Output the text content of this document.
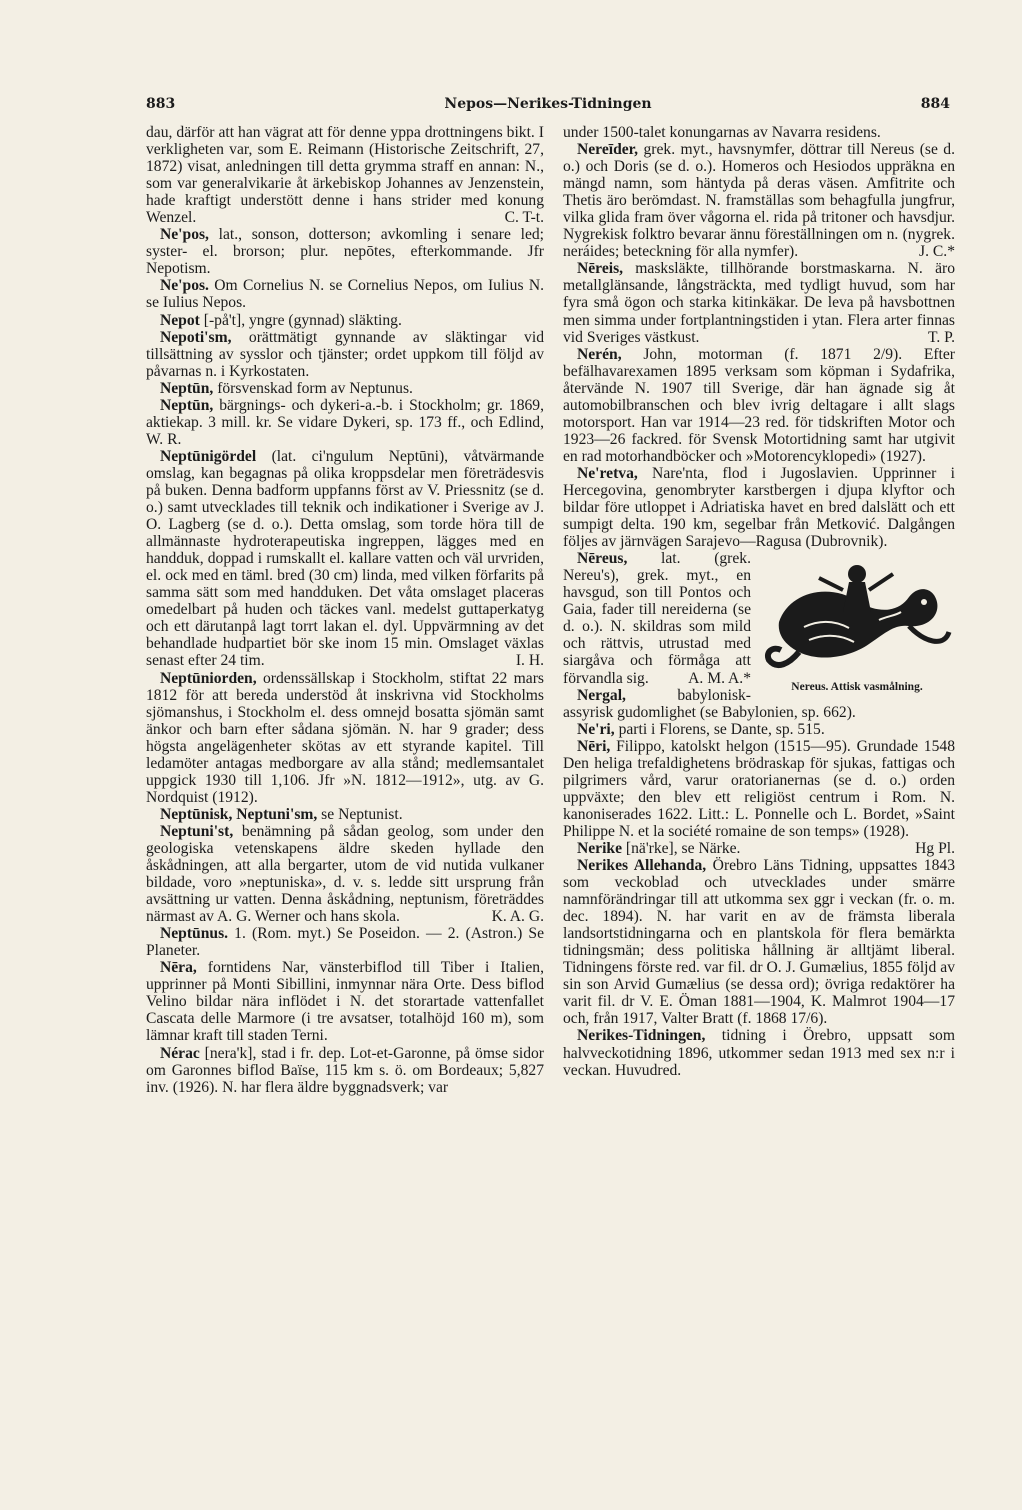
883	Nepos—Nerikes-Tidningen	884

dau, därför att han vägrat att för denne yppa drottningens bikt. I verkligheten var, som E. Reimann (Historische Zeitschrift, 27, 1872) visat, anledningen till detta grymma straff en annan: N., som var generalvikarie åt ärkebiskop Johannes av Jenzenstein, hade kraftigt understött denne i hans strider med konung Wenzel.	C. T-t.

Ne'pos, lat., sonson, dotterson; avkomling i senare led; syster- el. brorson; plur. nepōtes, efterkommande. Jfr Nepotism.

Ne'pos. Om Cornelius N. se Cornelius Nepos, om Iulius N. se Iulius Nepos.

Nepot [-på't], yngre (gynnad) släkting.

Nepoti'sm, orättmätigt gynnande av släktingar vid tillsättning av sysslor och tjänster; ordet uppkom till följd av påvarnas n. i Kyrkostaten.

Neptūn, försvenskad form av Neptunus.

Neptūn, bärgnings- och dykeri-a.-b. i Stockholm; gr. 1869, aktiekap. 3 mill. kr. Se vidare Dykeri, sp. 173 ff., och Edlind, W. R.

Neptūnigördel (lat. ci'ngulum Neptūni), våtvärmande omslag, kan begagnas på olika kroppsdelar men företrädesvis på buken. Denna badform uppfanns först av V. Priessnitz (se d. o.) samt utvecklades till teknik och indikationer i Sverige av J. O. Lagberg (se d. o.). Detta omslag, som torde höra till de allmännaste hydroterapeutiska ingreppen, lägges med en handduk, doppad i rumskallt el. kallare vatten och väl urvriden, el. ock med en täml. bred (30 cm) linda, med vilken förfarits på samma sätt som med handduken. Det våta omslaget placeras omedelbart på huden och täckes vanl. medelst guttaperkatyg och ett därutanpå lagt torrt lakan el. dyl. Uppvärmning av det behandlade hudpartiet bör ske inom 15 min. Omslaget växlas senast efter 24 tim.	I. H.

Neptūniorden, ordenssällskap i Stockholm, stiftat 22 mars 1812 för att bereda understöd åt inskrivna vid Stockholms sjömanshus, i Stockholm el. dess omnejd bosatta sjömän samt änkor och barn efter sådana sjömän. N. har 9 grader; dess högsta angelägenheter skötas av ett styrande kapitel. Till ledamöter antagas medborgare av alla stånd; medlemsantalet uppgick 1930 till 1,106. Jfr »N. 1812—1912», utg. av G. Nordquist (1912).

Neptūnisk, Neptuni'sm, se Neptunist.

Neptuni'st, benämning på sådan geolog, som under den geologiska vetenskapens äldre skeden hyllade den åskådningen, att alla bergarter, utom de vid nutida vulkaner bildade, voro »neptuniska», d. v. s. ledde sitt ursprung från avsättning ur vatten. Denna åskådning, neptunism, företräddes närmast av A. G. Werner och hans skola.	K. A. G.

Neptūnus. 1. (Rom. myt.) Se Poseidon. — 2. (Astron.) Se Planeter.

Nēra, forntidens Nar, vänsterbiflod till Tiber i Italien, upprinner på Monti Sibillini, inmynnar nära Orte. Dess biflod Velino bildar nära inflödet i N. det storartade vattenfallet Cascata delle Marmore (i tre avsatser, totalhöjd 160 m), som lämnar kraft till staden Terni.

Nérac [nera'k], stad i fr. dep. Lot-et-Garonne, på ömse sidor om Garonnes biflod Baïse, 115 km s. ö. om Bordeaux; 5,827 inv. (1926). N. har flera äldre byggnadsverk; var

under 1500-talet konungarnas av Navarra residens.

Nereīder, grek. myt., havsnymfer, döttrar till Nereus (se d. o.) och Doris (se d. o.). Homeros och Hesiodos uppräkna en mängd namn, som häntyda på deras väsen. Amfitrite och Thetis äro berömdast. N. framställas som behagfulla jungfrur, vilka glida fram över vågorna el. rida på tritoner och havsdjur. Nygrekisk folktro bevarar ännu föreställningen om n. (nygrek. neráides; beteckning för alla nymfer).	J. C.*

Nēreis, masksläkte, tillhörande borstmaskarna. N. äro metallglänsande, långsträckta, med tydligt huvud, som har fyra små ögon och starka kitinkäkar. De leva på havsbottnen men simma under fortplantningstiden i ytan. Flera arter finnas vid Sveriges västkust.	T. P.

Nerén, John, motorman (f. 1871 2/9). Efter befälhavarexamen 1895 verksam som köpman i Sydafrika, återvände N. 1907 till Sverige, där han ägnade sig åt automobilbranschen och blev ivrig deltagare i allt slags motorsport. Han var 1914—23 red. för tidskriften Motor och 1923—26 fackred. för Svensk Motortidning samt har utgivit en rad motorhandböcker och »Motorencyklopedi» (1927).

Ne'retva, Nare'nta, flod i Jugoslavien. Upprinner i Hercegovina, genombryter karstbergen i djupa klyftor och bildar före utloppet i Adriatiska havet en bred dalslätt och ett sumpigt delta. 190 km, segelbar från Metković. Dalgången följes av järnvägen Sarajevo—Ragusa (Dubrovnik).

Nereus. Attisk vasmålning.

Nēreus, lat. (grek. Nereu's), grek. myt., en havsgud, son till Pontos och Gaia, fader till nereiderna (se d. o.). N. skildras som mild och rättvis, utrustad med siargåva och förmåga att förvandla sig.	A. M. A.*

Nergal, babylonisk-assyrisk gudomlighet (se Babylonien, sp. 662).

Ne'ri, parti i Florens, se Dante, sp. 515.

Nēri, Filippo, katolskt helgon (1515—95). Grundade 1548 Den heliga trefaldighetens brödraskap för sjukas, fattigas och pilgrimers vård, varur oratorianernas (se d. o.) orden uppväxte; den blev ett religiöst centrum i Rom. N. kanoniserades 1622. Litt.: L. Ponnelle och L. Bordet, »Saint Philippe N. et la société romaine de son temps» (1928).
Hg Pl.

Nerike [nä'rke], se Närke.

Nerikes Allehanda, Örebro Läns Tidning, uppsattes 1843 som veckoblad och utvecklades under smärre namnförändringar till att utkomma sex ggr i veckan (fr. o. m. dec. 1894). N. har varit en av de främsta liberala landsortstidningarna och en plantskola för flera bemärkta tidningsmän; dess politiska hållning är alltjämt liberal. Tidningens förste red. var fil. dr O. J. Gumælius, 1855 följd av sin son Arvid Gumælius (se dessa ord); övriga redaktörer ha varit fil. dr V. E. Öman 1881—1904, K. Malmrot 1904—17 och, från 1917, Valter Bratt (f. 1868 17/6).

Nerikes-Tidningen, tidning i Örebro, uppsatt som halvveckotidning 1896, utkommer sedan 1913 med sex n:r i veckan. Huvudred.
